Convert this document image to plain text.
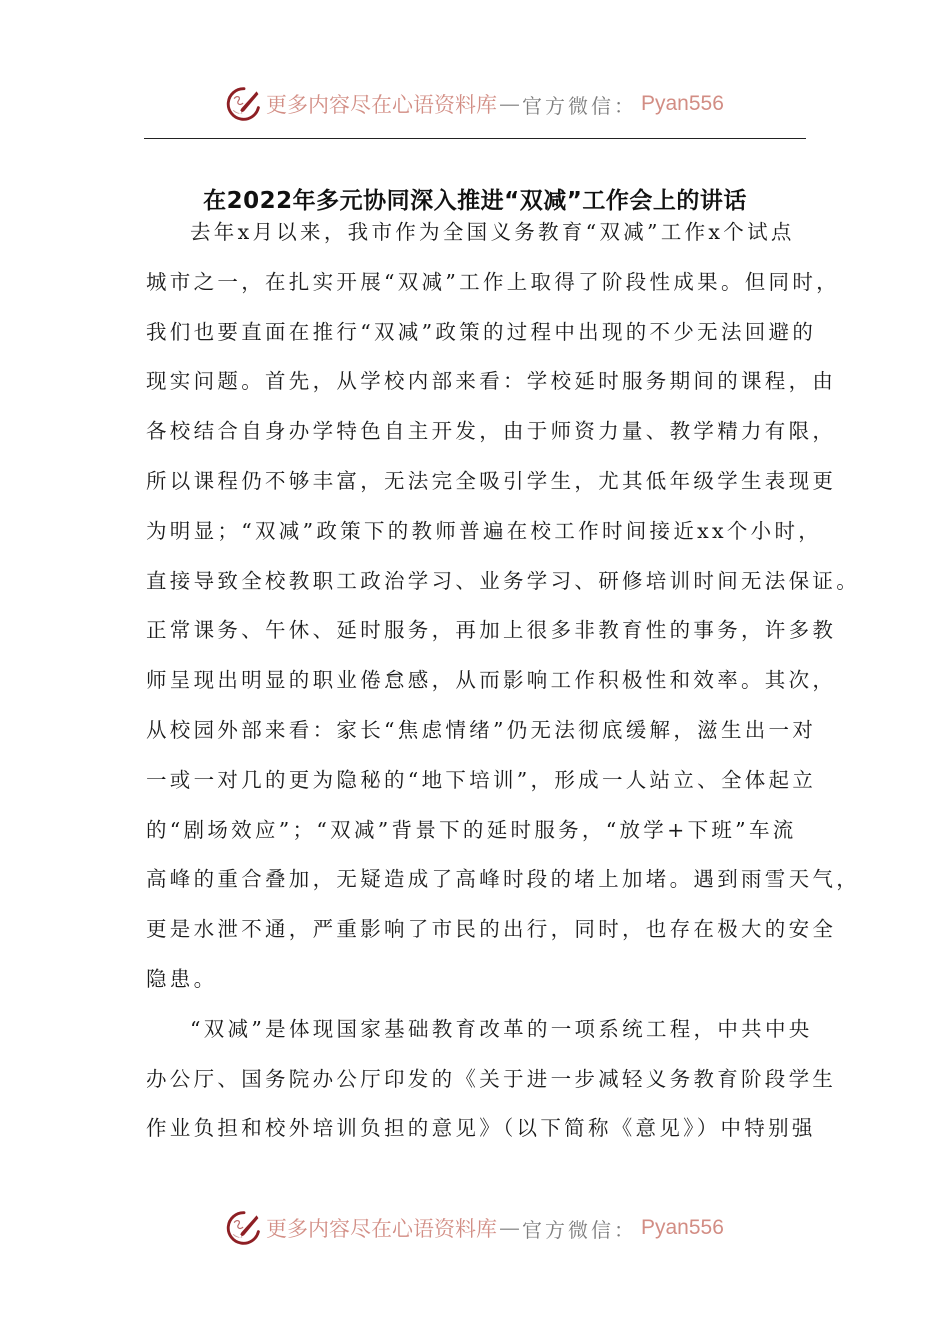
更多内容尽在心语资料库 — 官方微信： Pyan556
在2022年多元协同深入推进“双减”工作会上的讲话
去年x月以来，我市作为全国义务教育“双减”工作x个试点
城市之一，在扎实开展“双减”工作上取得了阶段性成果。但同时，
我们也要直面在推行“双减”政策的过程中出现的不少无法回避的
现实问题。首先，从学校内部来看：学校延时服务期间的课程，由
各校结合自身办学特色自主开发，由于师资力量、教学精力有限，
所以课程仍不够丰富，无法完全吸引学生，尤其低年级学生表现更
为明显；“双减”政策下的教师普遍在校工作时间接近xx个小时，
直接导致全校教职工政治学习、业务学习、研修培训时间无法保证。
正常课务、午休、延时服务，再加上很多非教育性的事务，许多教
师呈现出明显的职业倦怠感，从而影响工作积极性和效率。其次，
从校园外部来看：家长“焦虑情绪”仍无法彻底缓解，滋生出一对
一或一对几的更为隐秘的“地下培训”，形成一人站立、全体起立
的“剧场效应”；“双减”背景下的延时服务，“放学+下班”车流
高峰的重合叠加，无疑造成了高峰时段的堵上加堵。遇到雨雪天气，
更是水泄不通，严重影响了市民的出行，同时，也存在极大的安全
隐患。
“双减”是体现国家基础教育改革的一项系统工程，中共中央
办公厅、国务院办公厅印发的《关于进一步减轻义务教育阶段学生
作业负担和校外培训负担的意见》（以下简称《意见》）中特别强
更多内容尽在心语资料库 — 官方微信： Pyan556
